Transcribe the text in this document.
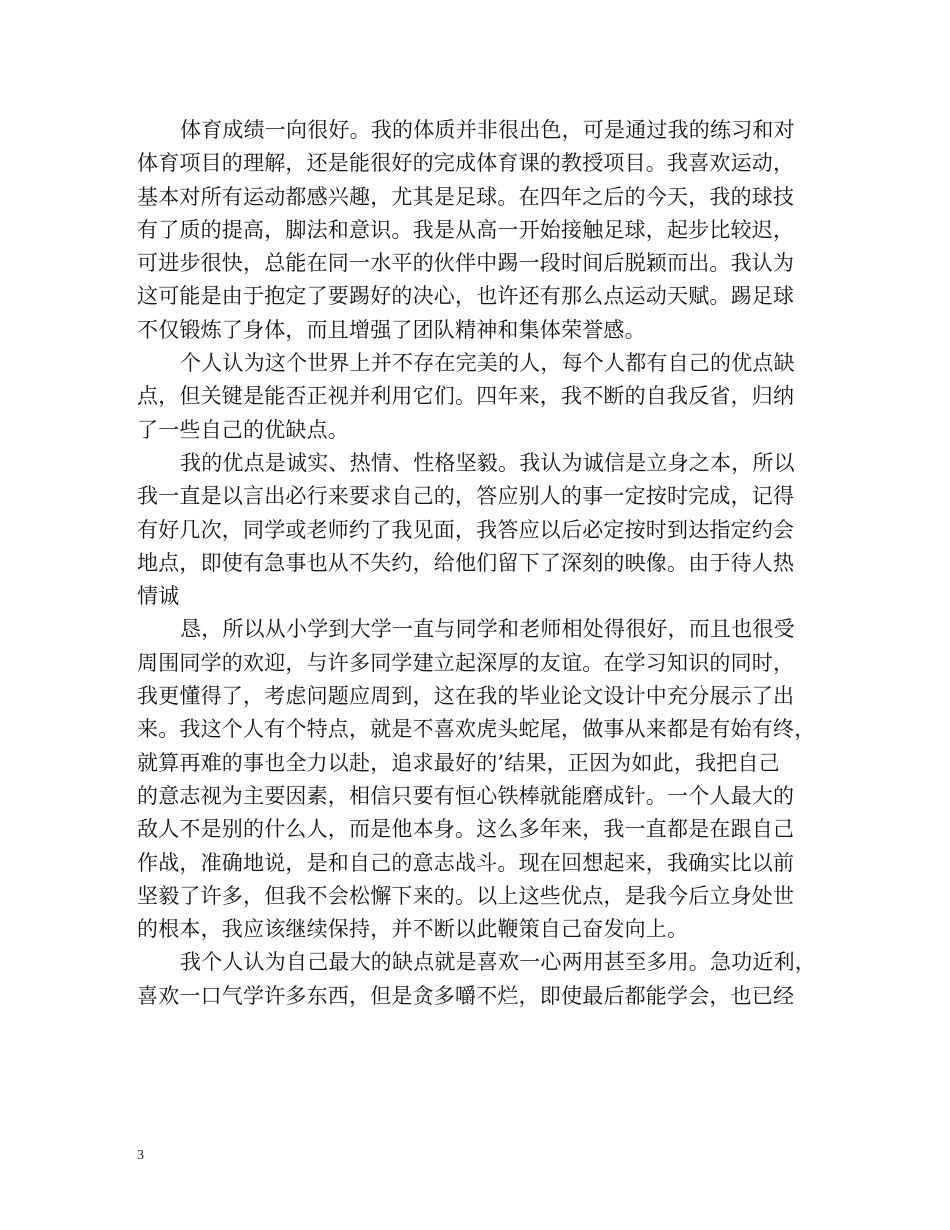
体育成绩一向很好。我的体质并非很出色，可是通过我的练习和对
体育项目的理解，还是能很好的完成体育课的教授项目。我喜欢运动，
基本对所有运动都感兴趣，尤其是足球。在四年之后的今天，我的球技
有了质的提高，脚法和意识。我是从高一开始接触足球，起步比较迟，
可进步很快，总能在同一水平的伙伴中踢一段时间后脱颖而出。我认为
这可能是由于抱定了要踢好的决心，也许还有那么点运动天赋。踢足球
不仅锻炼了身体，而且增强了团队精神和集体荣誉感。
个人认为这个世界上并不存在完美的人，每个人都有自己的优点缺
点，但关键是能否正视并利用它们。四年来，我不断的自我反省，归纳
了一些自己的优缺点。
我的优点是诚实、热情、性格坚毅。我认为诚信是立身之本，所以
我一直是以言出必行来要求自己的，答应别人的事一定按时完成，记得
有好几次，同学或老师约了我见面，我答应以后必定按时到达指定约会
地点，即使有急事也从不失约，给他们留下了深刻的映像。由于待人热
情诚
恳，所以从小学到大学一直与同学和老师相处得很好，而且也很受
周围同学的欢迎，与许多同学建立起深厚的友谊。在学习知识的同时，
我更懂得了，考虑问题应周到，这在我的毕业论文设计中充分展示了出
来。我这个人有个特点，就是不喜欢虎头蛇尾，做事从来都是有始有终，
就算再难的事也全力以赴，追求最好的’结果，正因为如此，我把自己
的意志视为主要因素，相信只要有恒心铁棒就能磨成针。一个人最大的
敌人不是别的什么人，而是他本身。这么多年来，我一直都是在跟自己
作战，准确地说，是和自己的意志战斗。现在回想起来，我确实比以前
坚毅了许多，但我不会松懈下来的。以上这些优点，是我今后立身处世
的根本，我应该继续保持，并不断以此鞭策自己奋发向上。
我个人认为自己最大的缺点就是喜欢一心两用甚至多用。急功近利，
喜欢一口气学许多东西，但是贪多嚼不烂，即使最后都能学会，也已经
3
